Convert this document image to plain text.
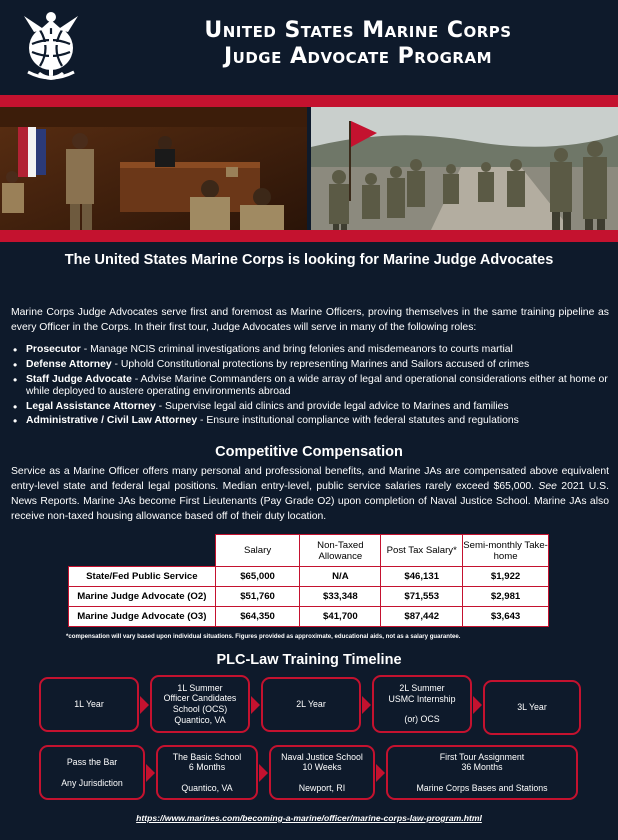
United States Marine Corps
Judge Advocate Program
The United States Marine Corps is looking for Marine Judge Advocates

Marine Corps Judge Advocates serve first and foremost as Marine Officers, proving themselves in the same training pipeline as every Officer in the Corps. In their first tour, Judge Advocates will serve in many of the following roles:

• Prosecutor - Manage NCIS criminal investigations and bring felonies and misdemeanors to courts martial
• Defense Attorney - Uphold Constitutional protections by representing Marines and Sailors accused of crimes
• Staff Judge Advocate - Advise Marine Commanders on a wide array of legal and operational considerations either at home or while deployed to austere operating environments abroad
• Legal Assistance Attorney - Supervise legal aid clinics and provide legal advice to Marines and families
• Administrative / Civil Law Attorney - Ensure institutional compliance with federal statutes and regulations
Competitive Compensation

Service as a Marine Officer offers many personal and professional benefits, and Marine JAs are compensated above equivalent entry-level state and federal legal positions. Median entry-level, public service salaries rarely exceed $65,000. See 2021 U.S. News Reports. Marine JAs become First Lieutenants (Pay Grade O2) upon completion of Naval Justice School. Marine JAs also receive non-taxed housing allowance based off of their duty location.

	Salary	Non-Taxed Allowance	Post Tax Salary*	Semi-monthly Take-home
State/Fed Public Service	$65,000	N/A	$46,131	$1,922
Marine Judge Advocate (O2)	$51,760	$33,348	$71,553	$2,981
Marine Judge Advocate (O3)	$64,350	$41,700	$87,442	$3,643
*compensation will vary based upon individual situations. Figures provided as approximate, educational aids, not as a salary guarantee.
PLC-Law Training Timeline
1L Year
1L Summer
Officer Candidates
School (OCS)
Quantico, VA
2L Year
2L Summer
USMC Internship
(or) OCS
3L Year
Pass the Bar
Any Jurisdiction
The Basic School
6 Months
Quantico, VA
Naval Justice School
10 Weeks
Newport, RI
First Tour Assignment
36 Months
Marine Corps Bases and Stations
https://www.marines.com/becoming-a-marine/officer/marine-corps-law-program.html
